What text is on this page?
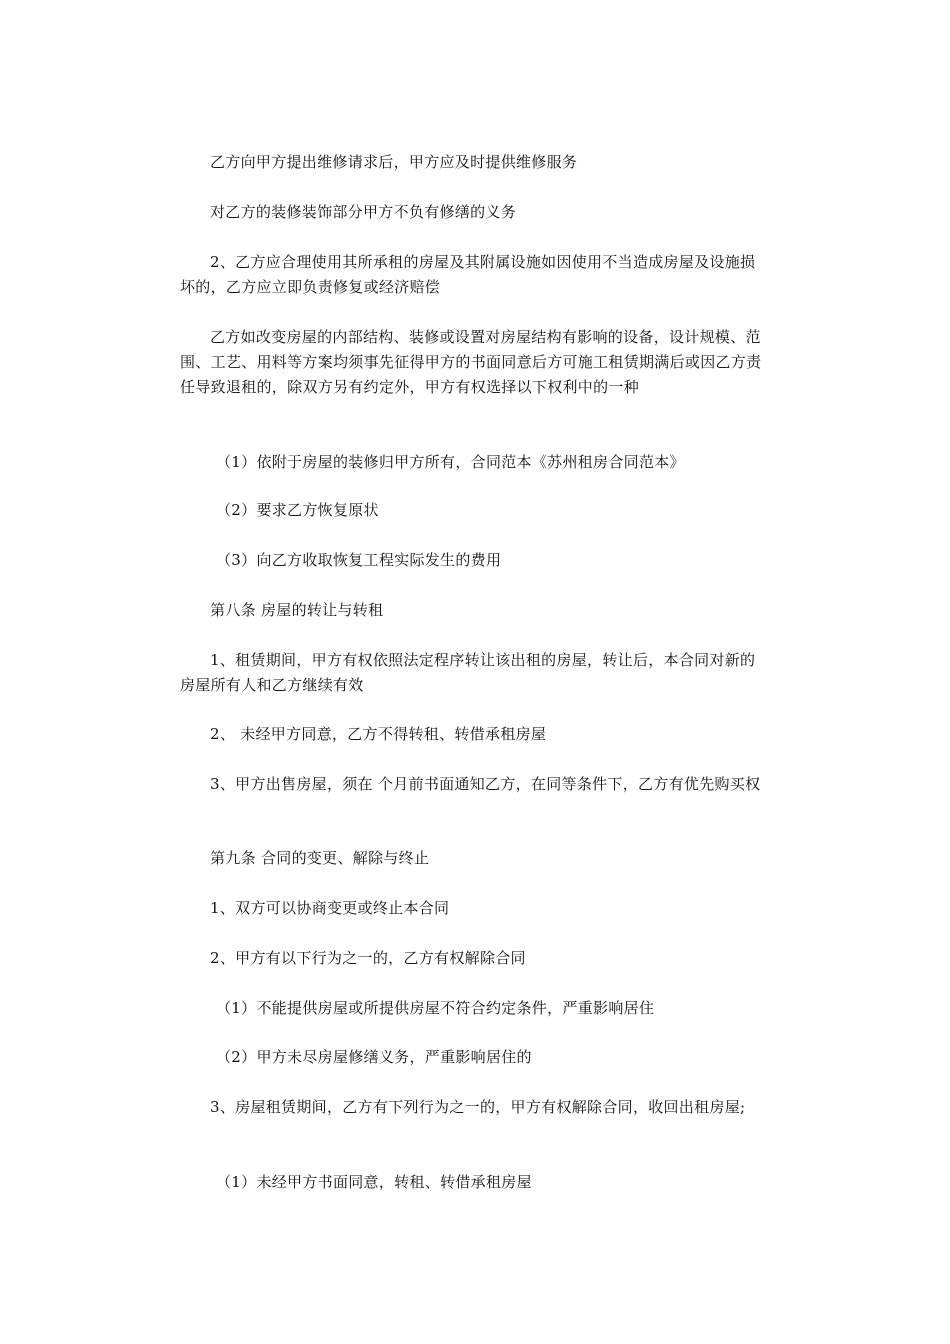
乙方向甲方提出维修请求后，甲方应及时提供维修服务

对乙方的装修装饰部分甲方不负有修缮的义务

2、乙方应合理使用其所承租的房屋及其附属设施如因使用不当造成房屋及设施损坏的，乙方应立即负责修复或经济赔偿

乙方如改变房屋的内部结构、装修或设置对房屋结构有影响的设备，设计规模、范围、工艺、用料等方案均须事先征得甲方的书面同意后方可施工租赁期满后或因乙方责任导致退租的，除双方另有约定外，甲方有权选择以下权利中的一种

（1）依附于房屋的装修归甲方所有，合同范本《苏州租房合同范本》

（2）要求乙方恢复原状

（3）向乙方收取恢复工程实际发生的费用

第八条 房屋的转让与转租

1、租赁期间，甲方有权依照法定程序转让该出租的房屋，转让后，本合同对新的房屋所有人和乙方继续有效

2、 未经甲方同意，乙方不得转租、转借承租房屋

3、甲方出售房屋，须在 个月前书面通知乙方，在同等条件下，乙方有优先购买权

第九条 合同的变更、解除与终止

1、双方可以协商变更或终止本合同

2、甲方有以下行为之一的，乙方有权解除合同

（1）不能提供房屋或所提供房屋不符合约定条件，严重影响居住

（2）甲方未尽房屋修缮义务，严重影响居住的

3、房屋租赁期间，乙方有下列行为之一的，甲方有权解除合同，收回出租房屋;

（1）未经甲方书面同意，转租、转借承租房屋
